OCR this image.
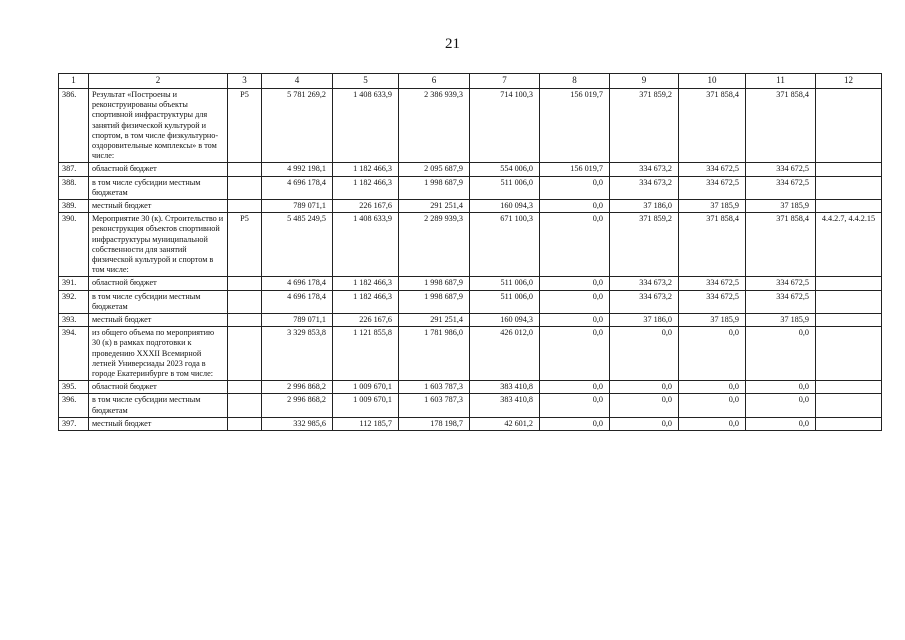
21
1	2	3	4	5	6	7	8	9	10	11	12
386.	Результат «Построены и реконструированы объекты спортивной инфраструктуры для занятий физической культурой и спортом, в том числе физкультурно-оздоровительные комплексы» в том числе:	P5	5 781 269,2	1 408 633,9	2 386 939,3	714 100,3	156 019,7	371 859,2	371 858,4	371 858,4	
387.	областной бюджет		4 992 198,1	1 182 466,3	2 095 687,9	554 006,0	156 019,7	334 673,2	334 672,5	334 672,5	
388.	в том числе субсидии местным бюджетам		4 696 178,4	1 182 466,3	1 998 687,9	511 006,0	0,0	334 673,2	334 672,5	334 672,5	
389.	местный бюджет		789 071,1	226 167,6	291 251,4	160 094,3	0,0	37 186,0	37 185,9	37 185,9	
390.	Мероприятие 30 (к). Строительство и реконструкция объектов спортивной инфраструктуры муниципальной собственности для занятий физической культурой и спортом в том числе:	P5	5 485 249,5	1 408 633,9	2 289 939,3	671 100,3	0,0	371 859,2	371 858,4	371 858,4	4.4.2.7, 4.4.2.15
391.	областной бюджет		4 696 178,4	1 182 466,3	1 998 687,9	511 006,0	0,0	334 673,2	334 672,5	334 672,5	
392.	в том числе субсидии местным бюджетам		4 696 178,4	1 182 466,3	1 998 687,9	511 006,0	0,0	334 673,2	334 672,5	334 672,5	
393.	местный бюджет		789 071,1	226 167,6	291 251,4	160 094,3	0,0	37 186,0	37 185,9	37 185,9	
394.	из общего объема по мероприятию 30 (к) в рамках подготовки к проведению XXXII Всемирной летней Универсиады 2023 года в городе Екатеринбурге в том числе:		3 329 853,8	1 121 855,8	1 781 986,0	426 012,0	0,0	0,0	0,0	0,0	
395.	областной бюджет		2 996 868,2	1 009 670,1	1 603 787,3	383 410,8	0,0	0,0	0,0	0,0	
396.	в том числе субсидии местным бюджетам		2 996 868,2	1 009 670,1	1 603 787,3	383 410,8	0,0	0,0	0,0	0,0	
397.	местный бюджет		332 985,6	112 185,7	178 198,7	42 601,2	0,0	0,0	0,0	0,0	
